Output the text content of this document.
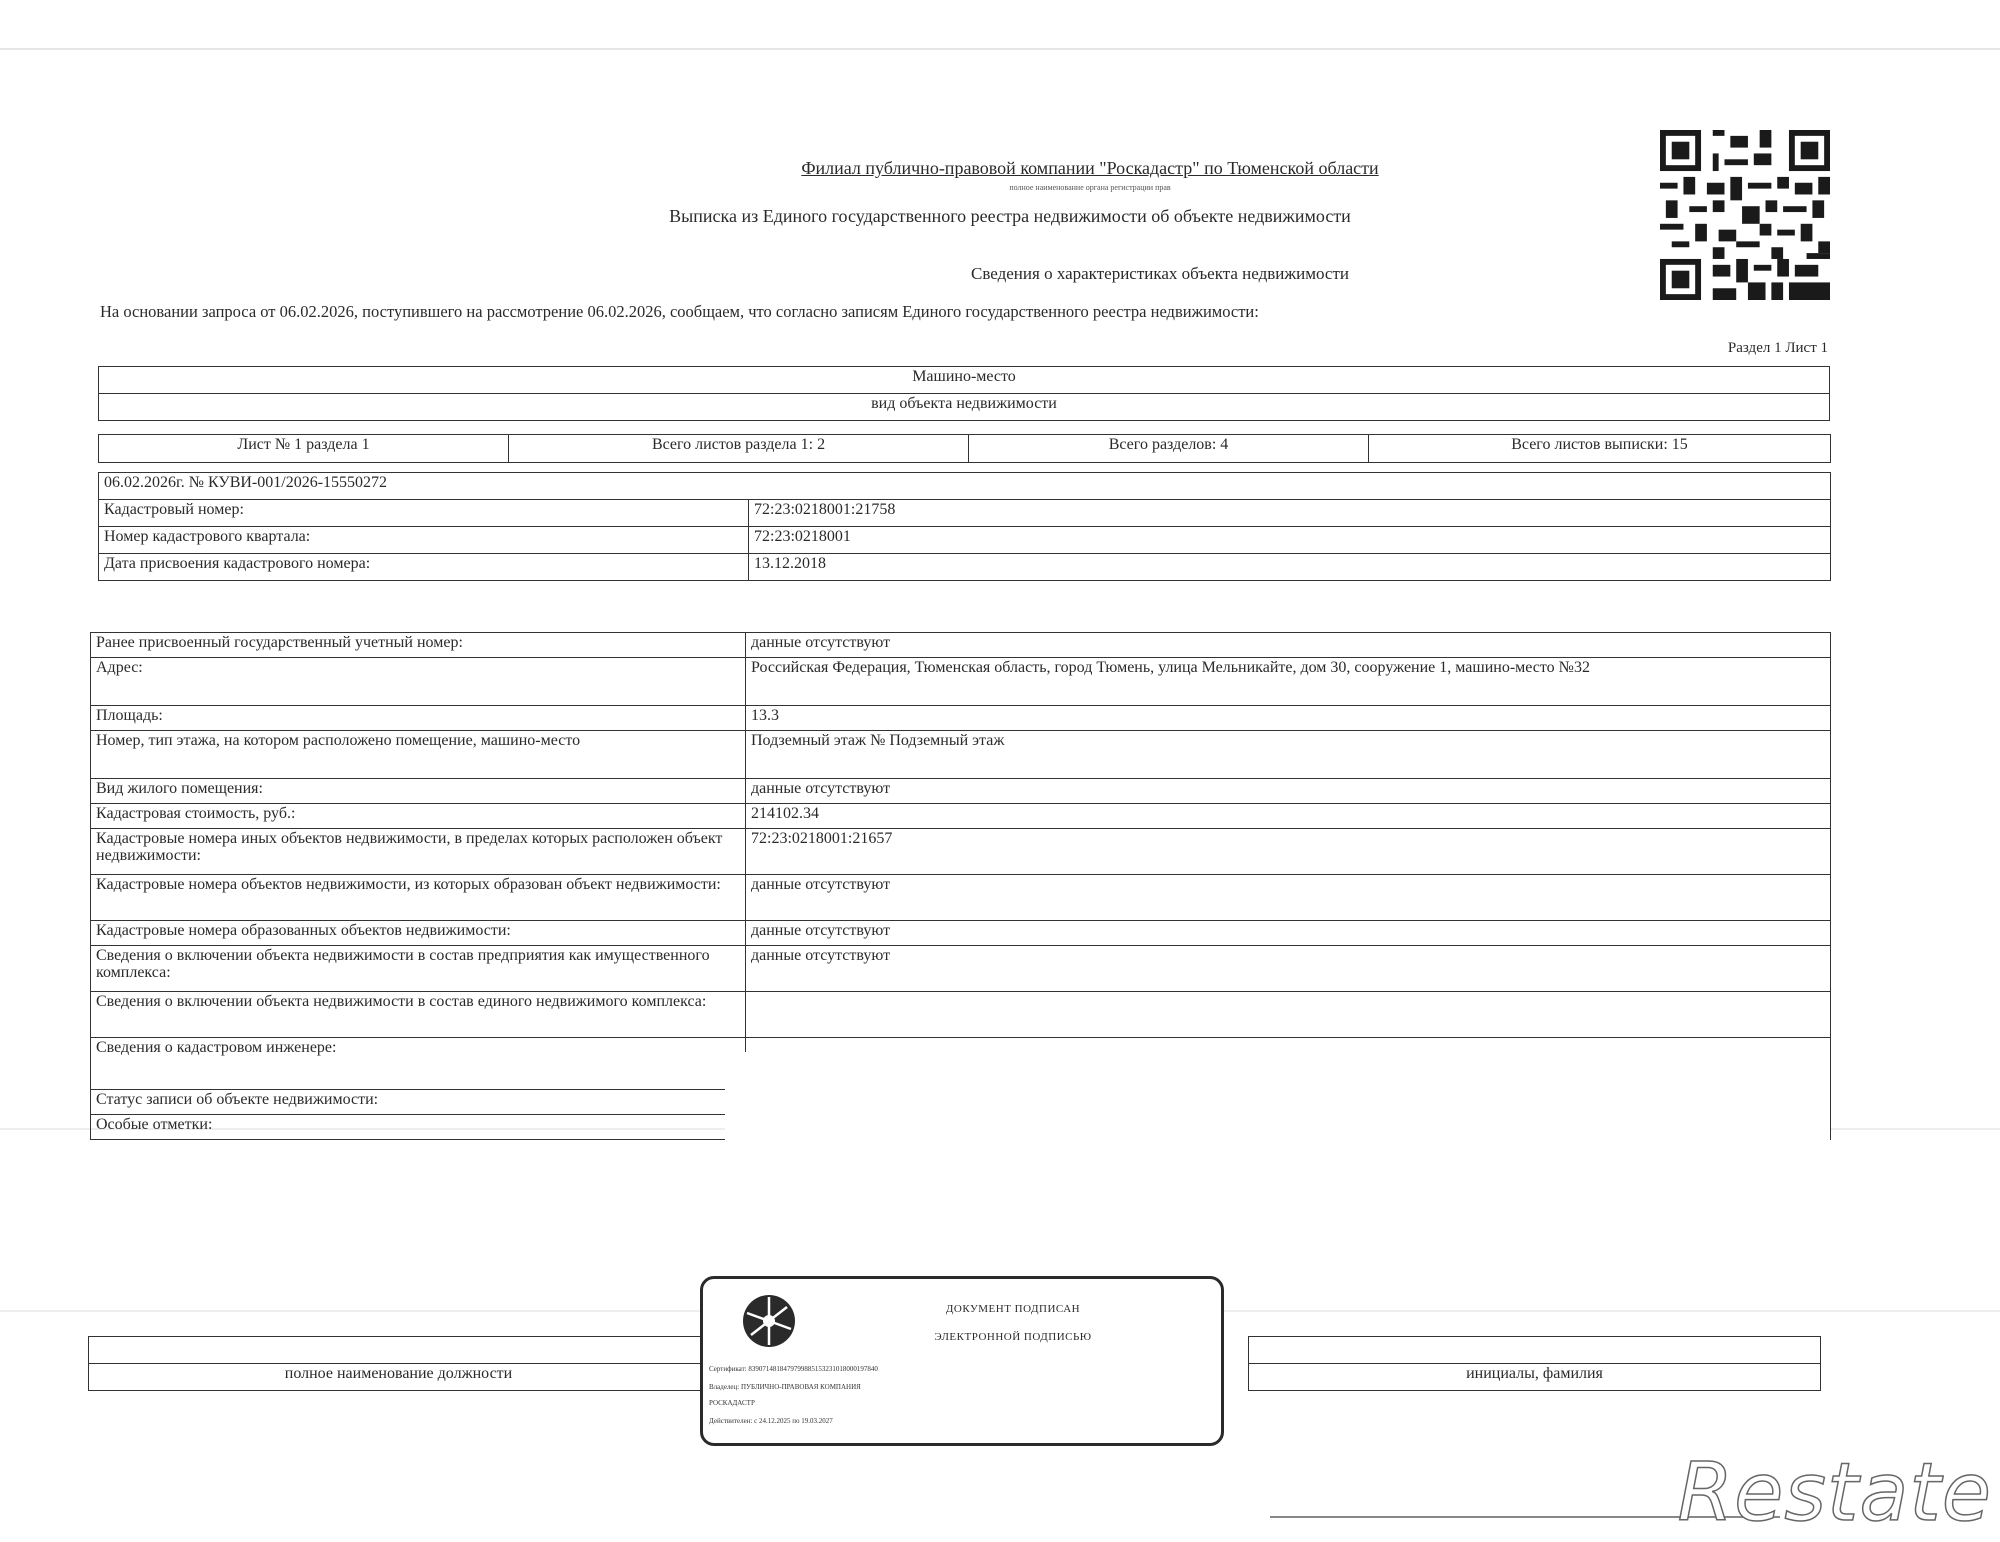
Филиал публично-правовой компании "Роскадастр" по Тюменской области
полное наименование органа регистрации прав
Выписка из Единого государственного реестра недвижимости об объекте недвижимости
Сведения о характеристиках объекта недвижимости
На основании запроса от 06.02.2026, поступившего на рассмотрение 06.02.2026, сообщаем, что согласно записям Единого государственного реестра недвижимости:
Раздел 1 Лист 1
Машино-место
вид объекта недвижимости
Лист № 1 раздела 1	Всего листов раздела 1: 2	Всего разделов: 4	Всего листов выписки: 15
06.02.2026г. № КУВИ-001/2026-15550272	
Кадастровый номер:	72:23:0218001:21758
Номер кадастрового квартала:	72:23:0218001
Дата присвоения кадастрового номера:	13.12.2018
Ранее присвоенный государственный учетный номер:	данные отсутствуют
Адрес:	Российская Федерация, Тюменская область, город Тюмень, улица Мельникайте, дом 30, сооружение 1, машино-место №32
Площадь:	13.3
Номер, тип этажа, на котором расположено помещение, машино-место	Подземный этаж № Подземный этаж
Вид жилого помещения:	данные отсутствуют
Кадастровая стоимость, руб.:	214102.34
Кадастровые номера иных объектов недвижимости, в пределах которых расположен объект недвижимости:	72:23:0218001:21657
Кадастровые номера объектов недвижимости, из которых образован объект недвижимости:	данные отсутствуют
Кадастровые номера образованных объектов недвижимости:	данные отсутствуют
Сведения о включении объекта недвижимости в состав предприятия как имущественного комплекса:	данные отсутствуют
Сведения о включении объекта недвижимости в состав единого недвижимого комплекса:	
Сведения о кадастровом инженере:	
Статус записи об объекте недвижимости:	
Особые отметки:	

полное наименование должности		инициалы, фамилия
ДОКУМЕНТ ПОДПИСАН
ЭЛЕКТРОННОЙ ПОДПИСЬЮ
Сертификат: 8390714818479799885153231018000197840
Владелец: ПУБЛИЧНО-ПРАВОВАЯ КОМПАНИЯ
РОСКАДАСТР
Действителен: с 24.12.2025 по 19.03.2027
Restate
